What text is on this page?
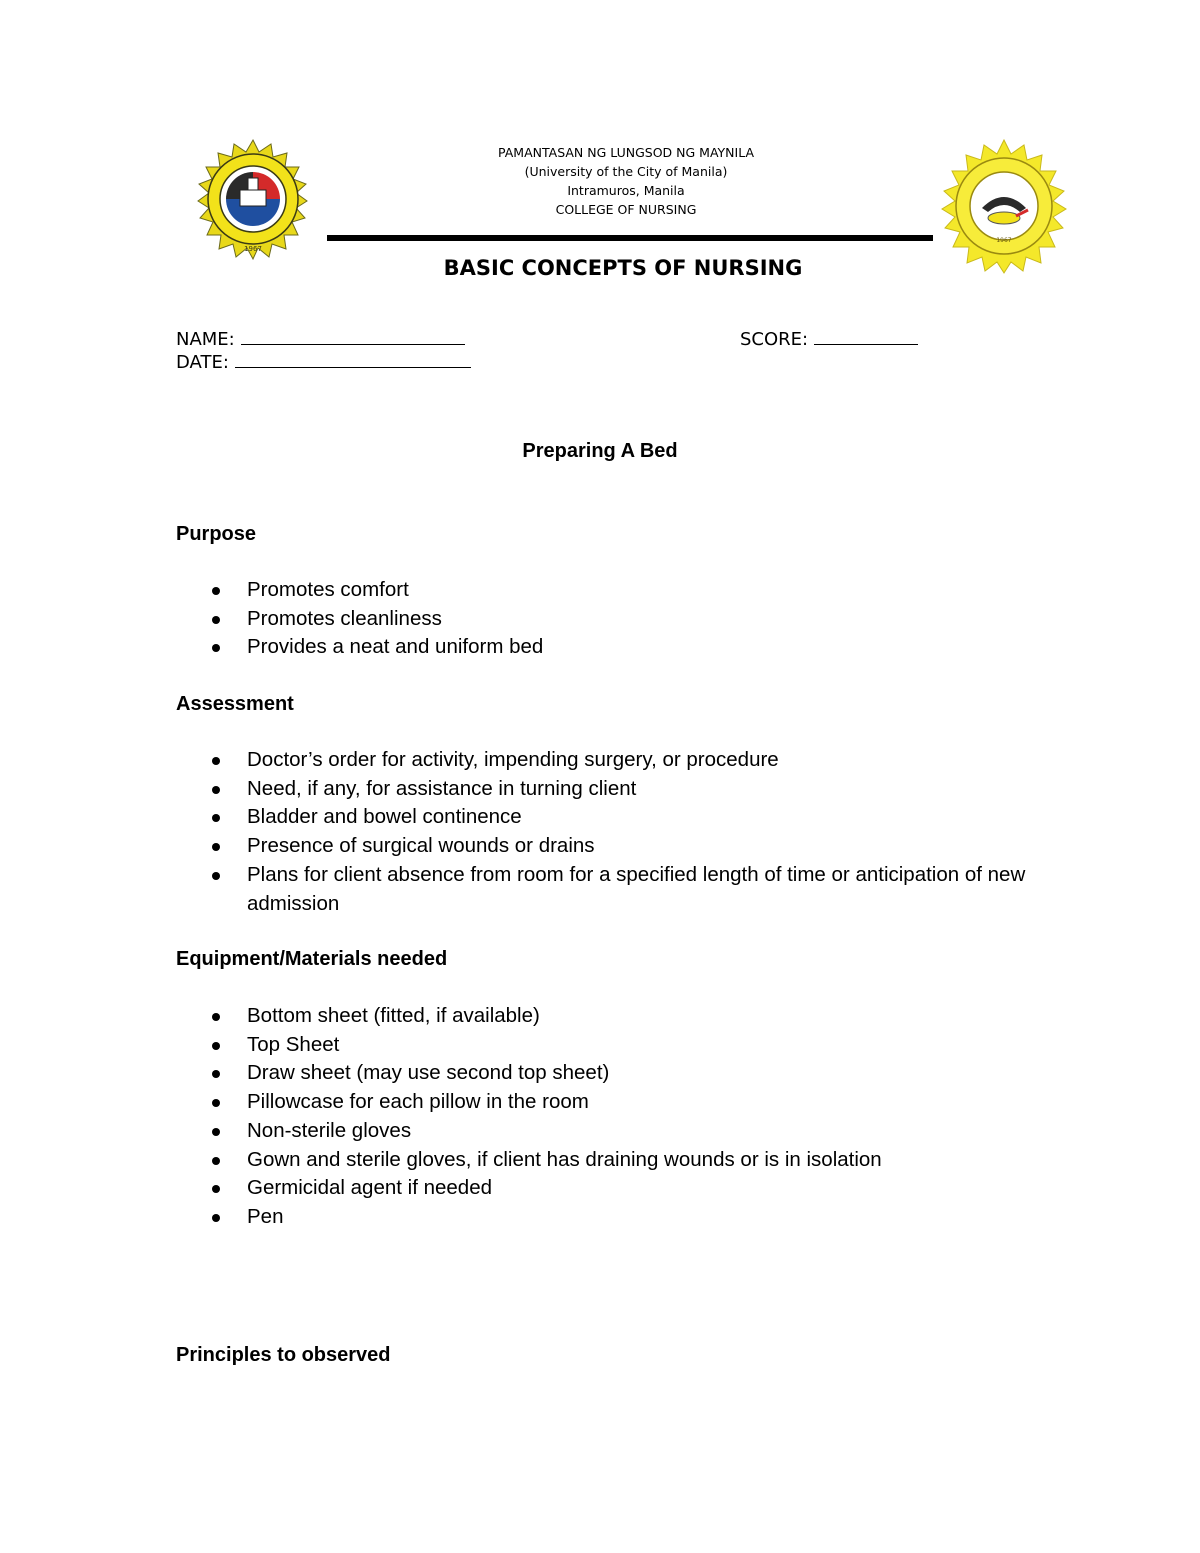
1967
PAMANTASAN NG LUNGSOD NG MAYNILA
(University of the City of Manila)
Intramuros, Manila
COLLEGE OF NURSING
1967
BASIC CONCEPTS OF NURSING
NAME:
DATE:
SCORE:
Preparing A Bed
Purpose
Promotes comfort
Promotes cleanliness
Provides a neat and uniform bed
Assessment
Doctor’s order for activity, impending surgery, or procedure
Need, if any, for assistance in turning client
Bladder and bowel continence
Presence of surgical wounds or drains
Plans for client absence from room for a specified length of time or anticipation of new admission
Equipment/Materials needed
Bottom sheet (fitted, if available)
Top Sheet
Draw sheet (may use second top sheet)
Pillowcase for each pillow in the room
Non-sterile gloves
Gown and sterile gloves, if client has draining wounds or is in isolation
Germicidal agent if needed
Pen
Principles to observed
